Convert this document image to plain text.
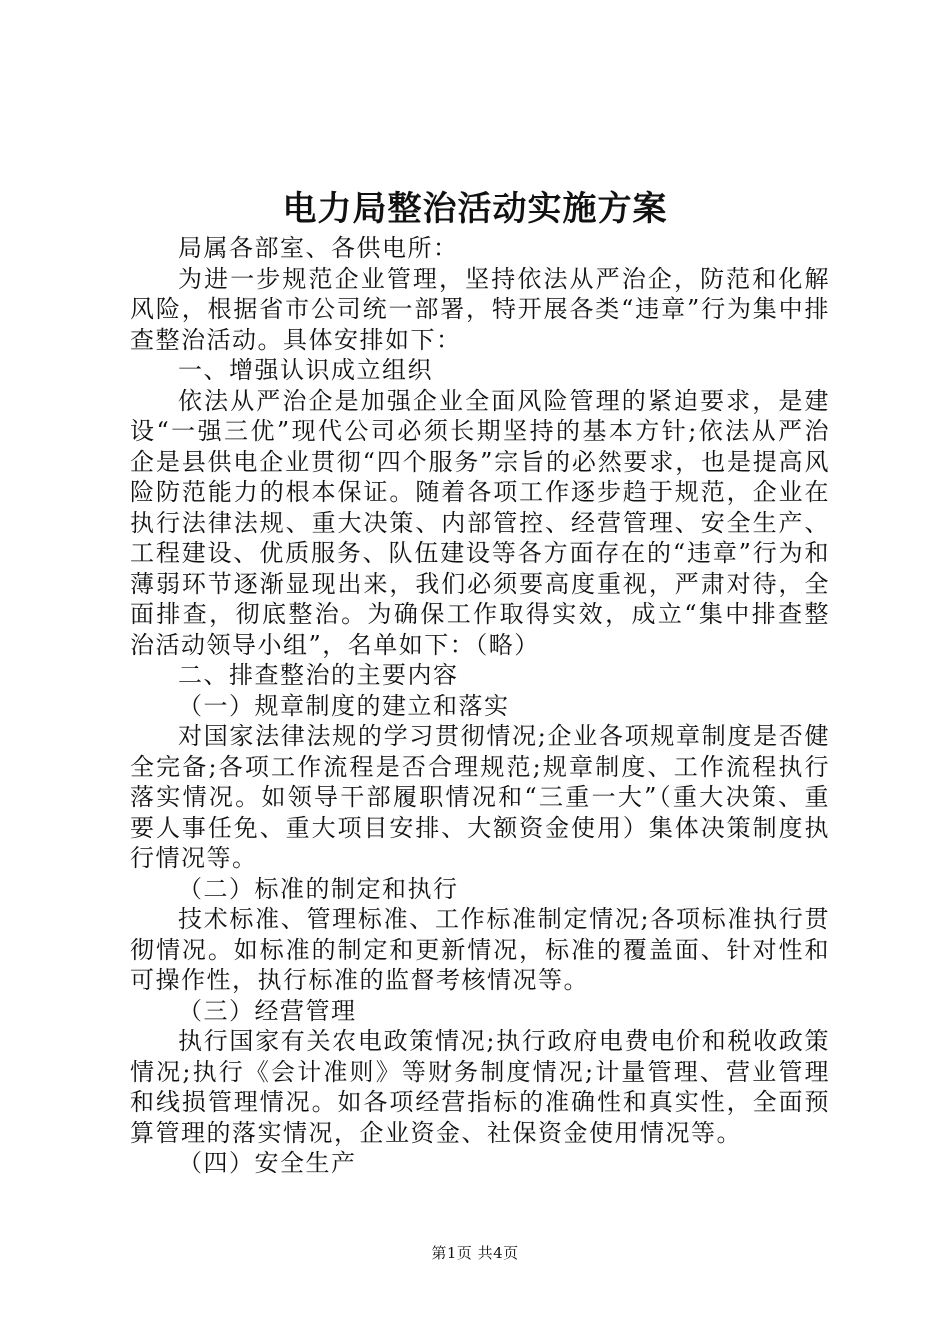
电力局整治活动实施方案

局属各部室、各供电所：

为进一步规范企业管理，坚持依法从严治企，防范和化解风险，根据省市公司统一部署，特开展各类“违章”行为集中排查整治活动。具体安排如下：

一、增强认识成立组织

依法从严治企是加强企业全面风险管理的紧迫要求，是建设“一强三优”现代公司必须长期坚持的基本方针;依法从严治企是县供电企业贯彻“四个服务”宗旨的必然要求，也是提高风险防范能力的根本保证。随着各项工作逐步趋于规范，企业在执行法律法规、重大决策、内部管控、经营管理、安全生产、工程建设、优质服务、队伍建设等各方面存在的“违章”行为和薄弱环节逐渐显现出来，我们必须要高度重视，严肃对待，全面排查，彻底整治。为确保工作取得实效，成立“集中排查整治活动领导小组”，名单如下：（略）

二、排查整治的主要内容

（一）规章制度的建立和落实

对国家法律法规的学习贯彻情况;企业各项规章制度是否健全完备;各项工作流程是否合理规范;规章制度、工作流程执行落实情况。如领导干部履职情况和“三重一大”（重大决策、重要人事任免、重大项目安排、大额资金使用）集体决策制度执行情况等。

（二）标准的制定和执行

技术标准、管理标准、工作标准制定情况;各项标准执行贯彻情况。如标准的制定和更新情况，标准的覆盖面、针对性和可操作性，执行标准的监督考核情况等。

（三）经营管理

执行国家有关农电政策情况;执行政府电费电价和税收政策情况;执行《会计准则》等财务制度情况;计量管理、营业管理和线损管理情况。如各项经营指标的准确性和真实性，全面预算管理的落实情况，企业资金、社保资金使用情况等。

（四）安全生产

第1页 共4页
